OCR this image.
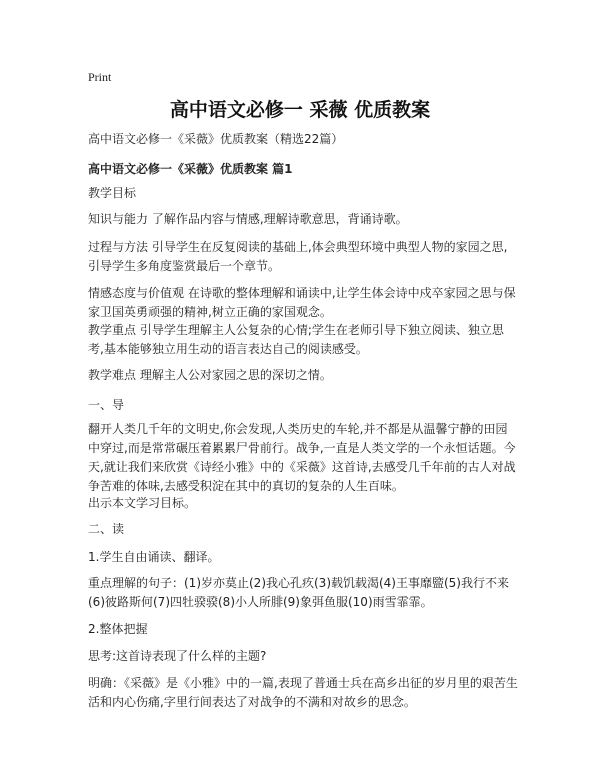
Print
高中语文必修一 采薇 优质教案

高中语文必修一《采薇》优质教案（精选22篇）

高中语文必修一《采薇》优质教案 篇1

教学目标

知识与能力 了解作品内容与情感,理解诗歌意思，背诵诗歌。

过程与方法 引导学生在反复阅读的基础上,体会典型环境中典型人物的家园之思,引导学生多角度鉴赏最后一个章节。

情感态度与价值观 在诗歌的整体理解和诵读中,让学生体会诗中戍卒家园之思与保家卫国英勇顽强的精神,树立正确的家国观念。

教学重点 引导学生理解主人公复杂的心情;学生在老师引导下独立阅读、独立思考,基本能够独立用生动的语言表达自己的阅读感受。

教学难点 理解主人公对家园之思的深切之情。

一、导

翻开人类几千年的文明史,你会发现,人类历史的车轮,并不都是从温馨宁静的田园中穿过,而是常常碾压着累累尸骨前行。战争,一直是人类文学的一个永恒话题。今天,就让我们来欣赏《诗经小雅》中的《采薇》这首诗,去感受几千年前的古人对战争苦难的体味,去感受积淀在其中的真切的复杂的人生百味。

出示本文学习目标。

二、读

1.学生自由诵读、翻译。

重点理解的句子：(1)岁亦莫止(2)我心孔疚(3)载饥载渴(4)王事靡盬(5)我行不来(6)彼路斯何(7)四牡骙骙(8)小人所腓(9)象弭鱼服(10)雨雪霏霏。

2.整体把握

思考:这首诗表现了什么样的主题?

明确：《采薇》是《小雅》中的一篇,表现了普通士兵在高乡出征的岁月里的艰苦生活和内心伤痛,字里行间表达了对战争的不满和对故乡的思念。
